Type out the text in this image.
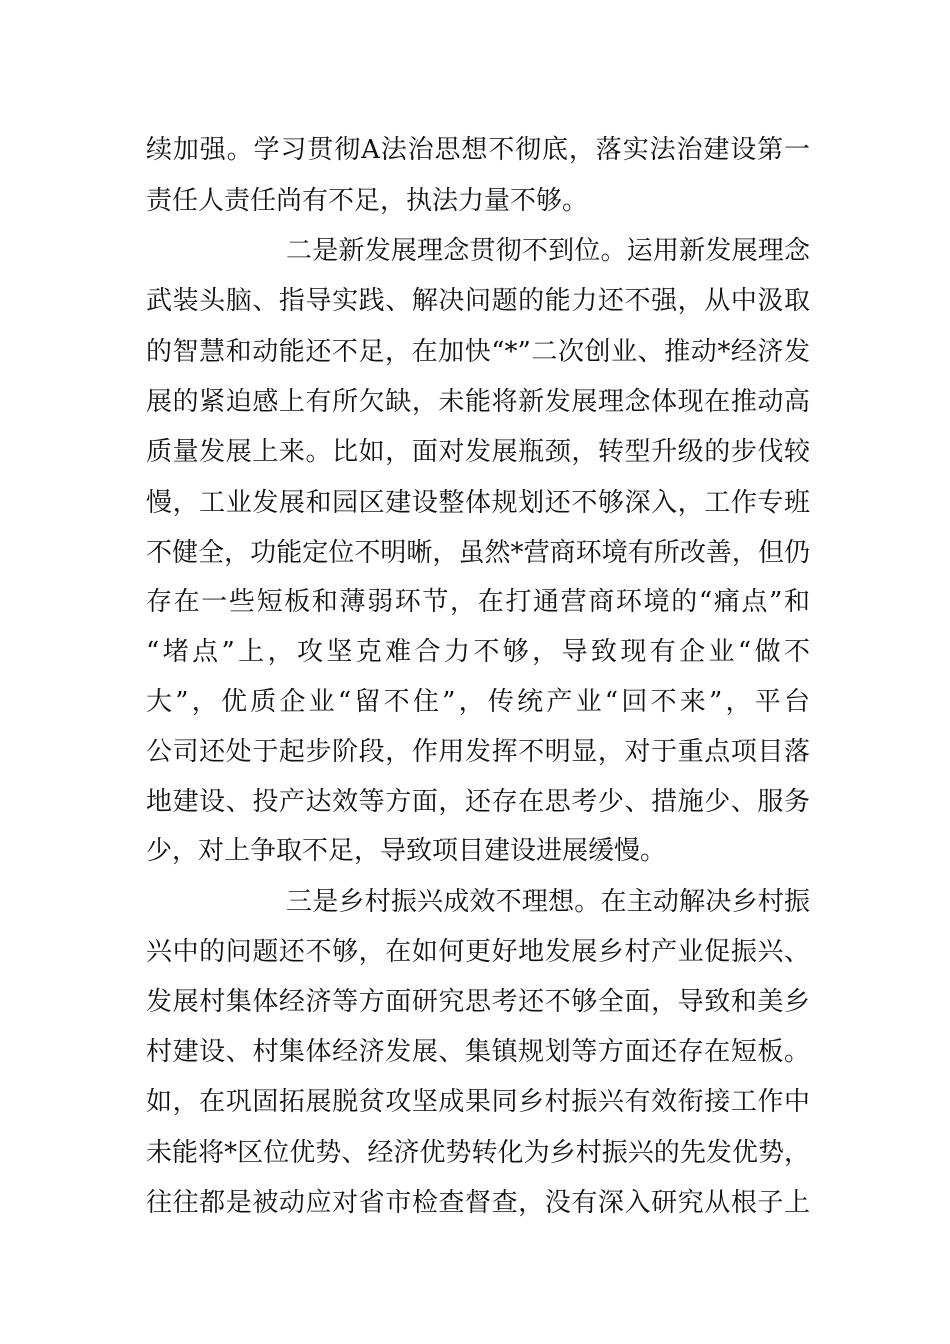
续加强。学习贯彻A法治思想不彻底，落实法治建设第一
责任人责任尚有不足，执法力量不够。
二是新发展理念贯彻不到位。运用新发展理念
武装头脑、指导实践、解决问题的能力还不强，从中汲取
的智慧和动能还不足，在加快“*”二次创业、推动*经济发
展的紧迫感上有所欠缺，未能将新发展理念体现在推动高
质量发展上来。比如，面对发展瓶颈，转型升级的步伐较
慢，工业发展和园区建设整体规划还不够深入，工作专班
不健全，功能定位不明晰，虽然*营商环境有所改善，但仍
存在一些短板和薄弱环节，在打通营商环境的“痛点”和
“堵点”上，攻坚克难合力不够，导致现有企业“做不
大”，优质企业“留不住”，传统产业“回不来”，平台
公司还处于起步阶段，作用发挥不明显，对于重点项目落
地建设、投产达效等方面，还存在思考少、措施少、服务
少，对上争取不足，导致项目建设进展缓慢。
三是乡村振兴成效不理想。在主动解决乡村振
兴中的问题还不够，在如何更好地发展乡村产业促振兴、
发展村集体经济等方面研究思考还不够全面，导致和美乡
村建设、村集体经济发展、集镇规划等方面还存在短板。
如，在巩固拓展脱贫攻坚成果同乡村振兴有效衔接工作中
未能将*区位优势、经济优势转化为乡村振兴的先发优势，
往往都是被动应对省市检查督查，没有深入研究从根子上
